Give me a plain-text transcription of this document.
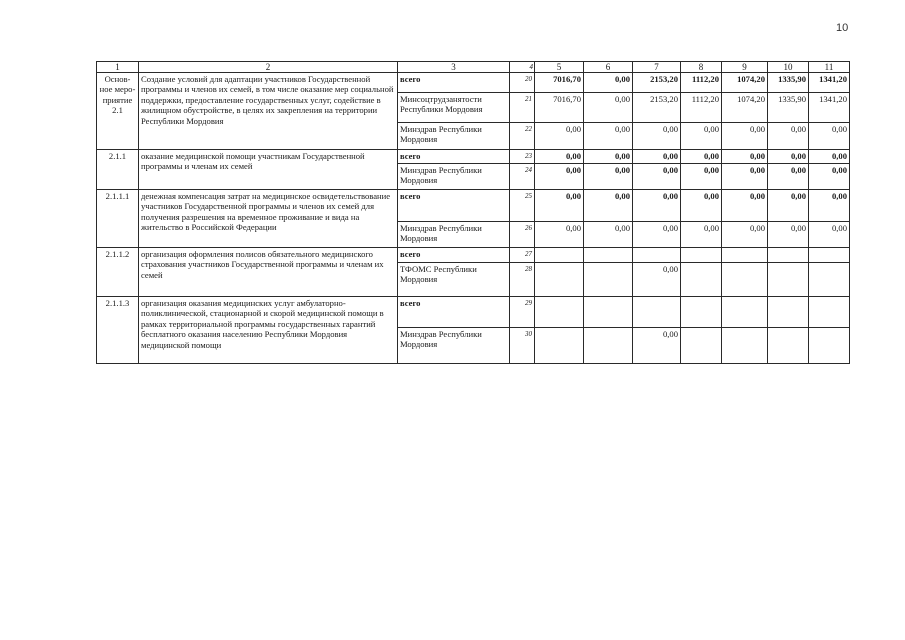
10
1	2	3	4	5	6	7	8	9	10	11
Основ-ное меро-приятие 2.1	Создание условий для адаптации участников Государственной программы и членов их семей, в том числе оказание мер социальной поддержки, предоставление государственных услуг, содействие в жилищном обустройстве, в целях их закрепления на территории Республики Мордовия	всего	20	7016,70	0,00	2153,20	1112,20	1074,20	1335,90	1341,20
		Минсоцтрудзанятости Республики Мордовия	21	7016,70	0,00	2153,20	1112,20	1074,20	1335,90	1341,20
		Минздрав Республики Мордовия	22	0,00	0,00	0,00	0,00	0,00	0,00	0,00
2.1.1	оказание медицинской помощи участникам Государственной программы и членам их семей	всего	23	0,00	0,00	0,00	0,00	0,00	0,00	0,00
		Минздрав Республики Мордовия	24	0,00	0,00	0,00	0,00	0,00	0,00	0,00
2.1.1.1	денежная компенсация затрат на медицинское освидетельствование участников Государственной программы и членов их семей для получения разрешения на временное проживание и вида на жительство в Российской Федерации	всего	25	0,00	0,00	0,00	0,00	0,00	0,00	0,00
		Минздрав Республики Мордовия	26	0,00	0,00	0,00	0,00	0,00	0,00	0,00
2.1.1.2	организация оформления полисов обязательного медицинского страхования участников Государственной программы и членам их семей	всего	27							
		ТФОМС Республики Мордовия	28			0,00				
2.1.1.3	организация оказания медицинских услуг амбулаторно-поликлинической, стационарной и скорой медицинской помощи в рамках территориальной программы государственных гарантий бесплатного оказания населению Республики Мордовия медицинской помощи	всего	29							
		Минздрав Республики Мордовия	30			0,00				
